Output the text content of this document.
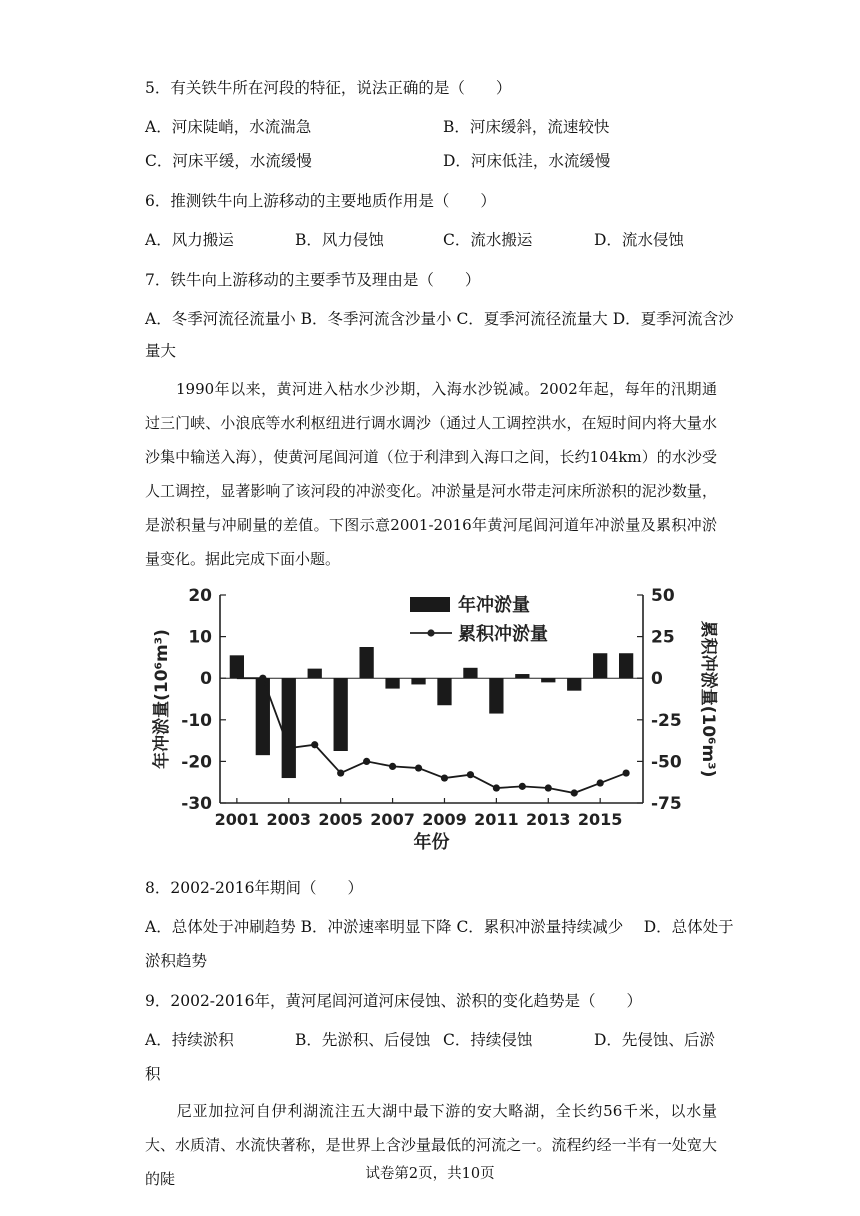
5．有关铁牛所在河段的特征，说法正确的是（　　）
A．河床陡峭，水流湍急	B．河床缓斜，流速较快
C．河床平缓，水流缓慢	D．河床低洼，水流缓慢
6．推测铁牛向上游移动的主要地质作用是（　　）
A．风力搬运	B．风力侵蚀	C．流水搬运	D．流水侵蚀
7．铁牛向上游移动的主要季节及理由是（　　）
A．冬季河流径流量小 B．冬季河流含沙量小 C．夏季河流径流量大 D．夏季河流含沙
量大
1990年以来，黄河进入枯水少沙期，入海水沙锐减。2002年起，每年的汛期通过三门峡、小浪底等水利枢纽进行调水调沙（通过人工调控洪水，在短时间内将大量水沙集中输送入海），使黄河尾闾河道（位于利津到入海口之间，长约104km）的水沙受人工调控，显著影响了该河段的冲淤变化。冲淤量是河水带走河床所淤积的泥沙数量，是淤积量与冲刷量的差值。下图示意2001-2016年黄河尾闾河道年冲淤量及累积冲淤量变化。据此完成下面小题。
20
10
0
-10
-20
-30
50
25
0
-25
-50
-75
2001 2003 2005 2007 2009 2011 2013 2015
年份
年冲淤量(10⁶m³)	累积冲淤量(10⁶m³)
年冲淤量
累积冲淤量
8．2002-2016年期间（　　）
A．总体处于冲刷趋势 B．冲淤速率明显下降 C．累积冲淤量持续减少　 D．总体处于
淤积趋势
9．2002-2016年，黄河尾闾河道河床侵蚀、淤积的变化趋势是（　　）
A．持续淤积	B．先淤积、后侵蚀 C．持续侵蚀	D．先侵蚀、后淤
积
尼亚加拉河自伊利湖流注五大湖中最下游的安大略湖，全长约56千米，以水量大、水质清、水流快著称，是世界上含沙量最低的河流之一。流程约经一半有一处宽大的陡	试卷第2页，共10页
